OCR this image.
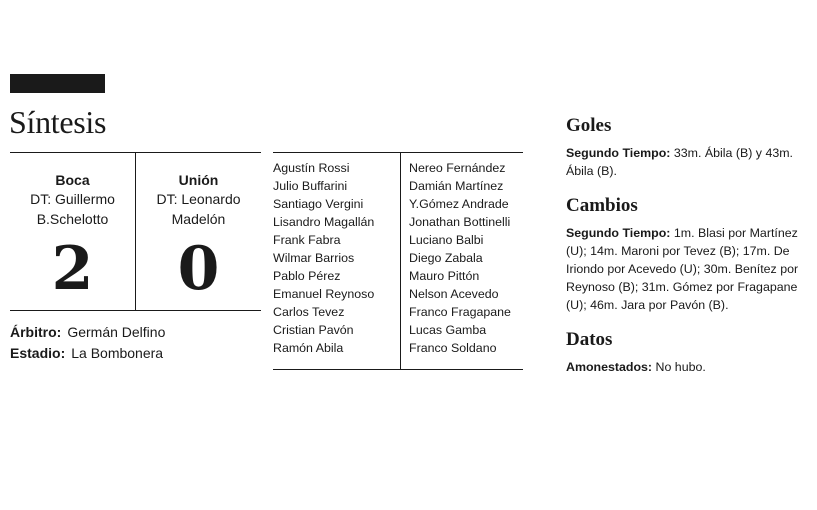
Síntesis
Boca
DT: Guillermo
B.Schelotto
2
Unión
DT: Leonardo
Madelón
0
Árbitro: Germán Delfino
Estadio: La Bombonera
Agustín Rossi
Julio Buffarini
Santiago Vergini
Lisandro Magallán
Frank Fabra
Wilmar Barrios
Pablo Pérez
Emanuel Reynoso
Carlos Tevez
Cristian Pavón
Ramón Abila
Nereo Fernández
Damián Martínez
Y.Gómez Andrade
Jonathan Bottinelli
Luciano Balbi
Diego Zabala
Mauro Pittón
Nelson Acevedo
Franco Fragapane
Lucas Gamba
Franco Soldano
Goles

Segundo Tiempo: 33m. Ábila (B) y 43m. Ábila (B).

Cambios

Segundo Tiempo: 1m. Blasi por Martínez (U); 14m. Maroni por Tevez (B); 17m. De Iriondo por Acevedo (U); 30m. Benítez por Reynoso (B); 31m. Gómez por Fragapane (U); 46m. Jara por Pavón (B).

Datos

Amonestados: No hubo.
